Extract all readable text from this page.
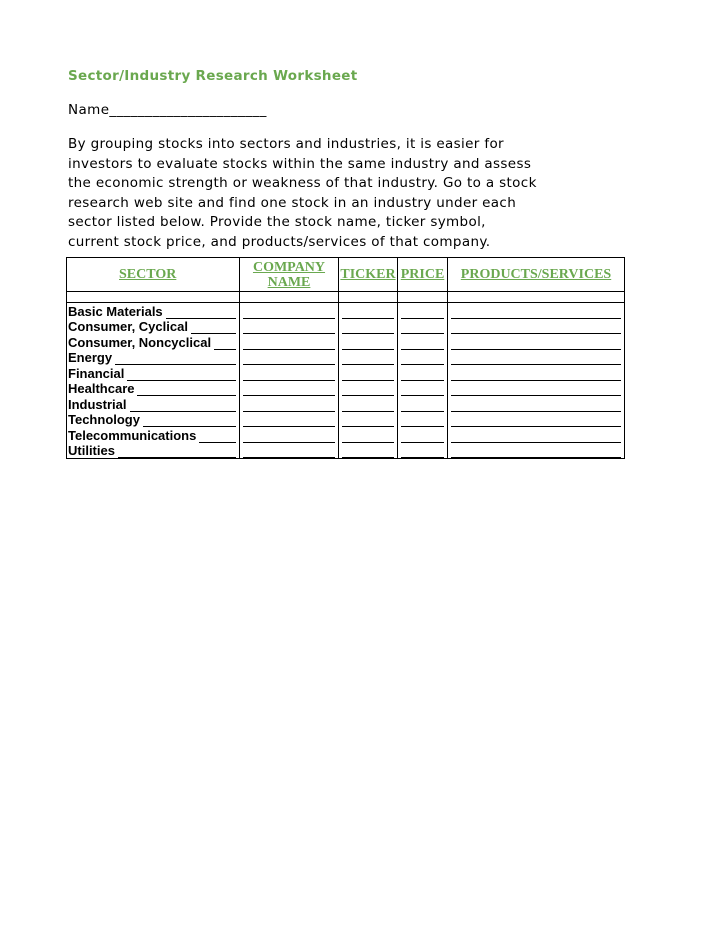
Sector/Industry Research Worksheet
Name______________________

By grouping stocks into sectors and industries, it is easier for
investors to evaluate stocks within the same industry and assess
the economic strength or weakness of that industry. Go to a stock
research web site and find one stock in an industry under each
sector listed below. Provide the stock name, ticker symbol,
current stock price, and products/services of that company.

SECTOR	COMPANY NAME	TICKER	PRICE	PRODUCTS/SERVICES

Basic Materials

Consumer, Cyclical

Consumer, Noncyclical

Energy

Financial

Healthcare

Industrial

Technology

Telecommunications

Utilities
